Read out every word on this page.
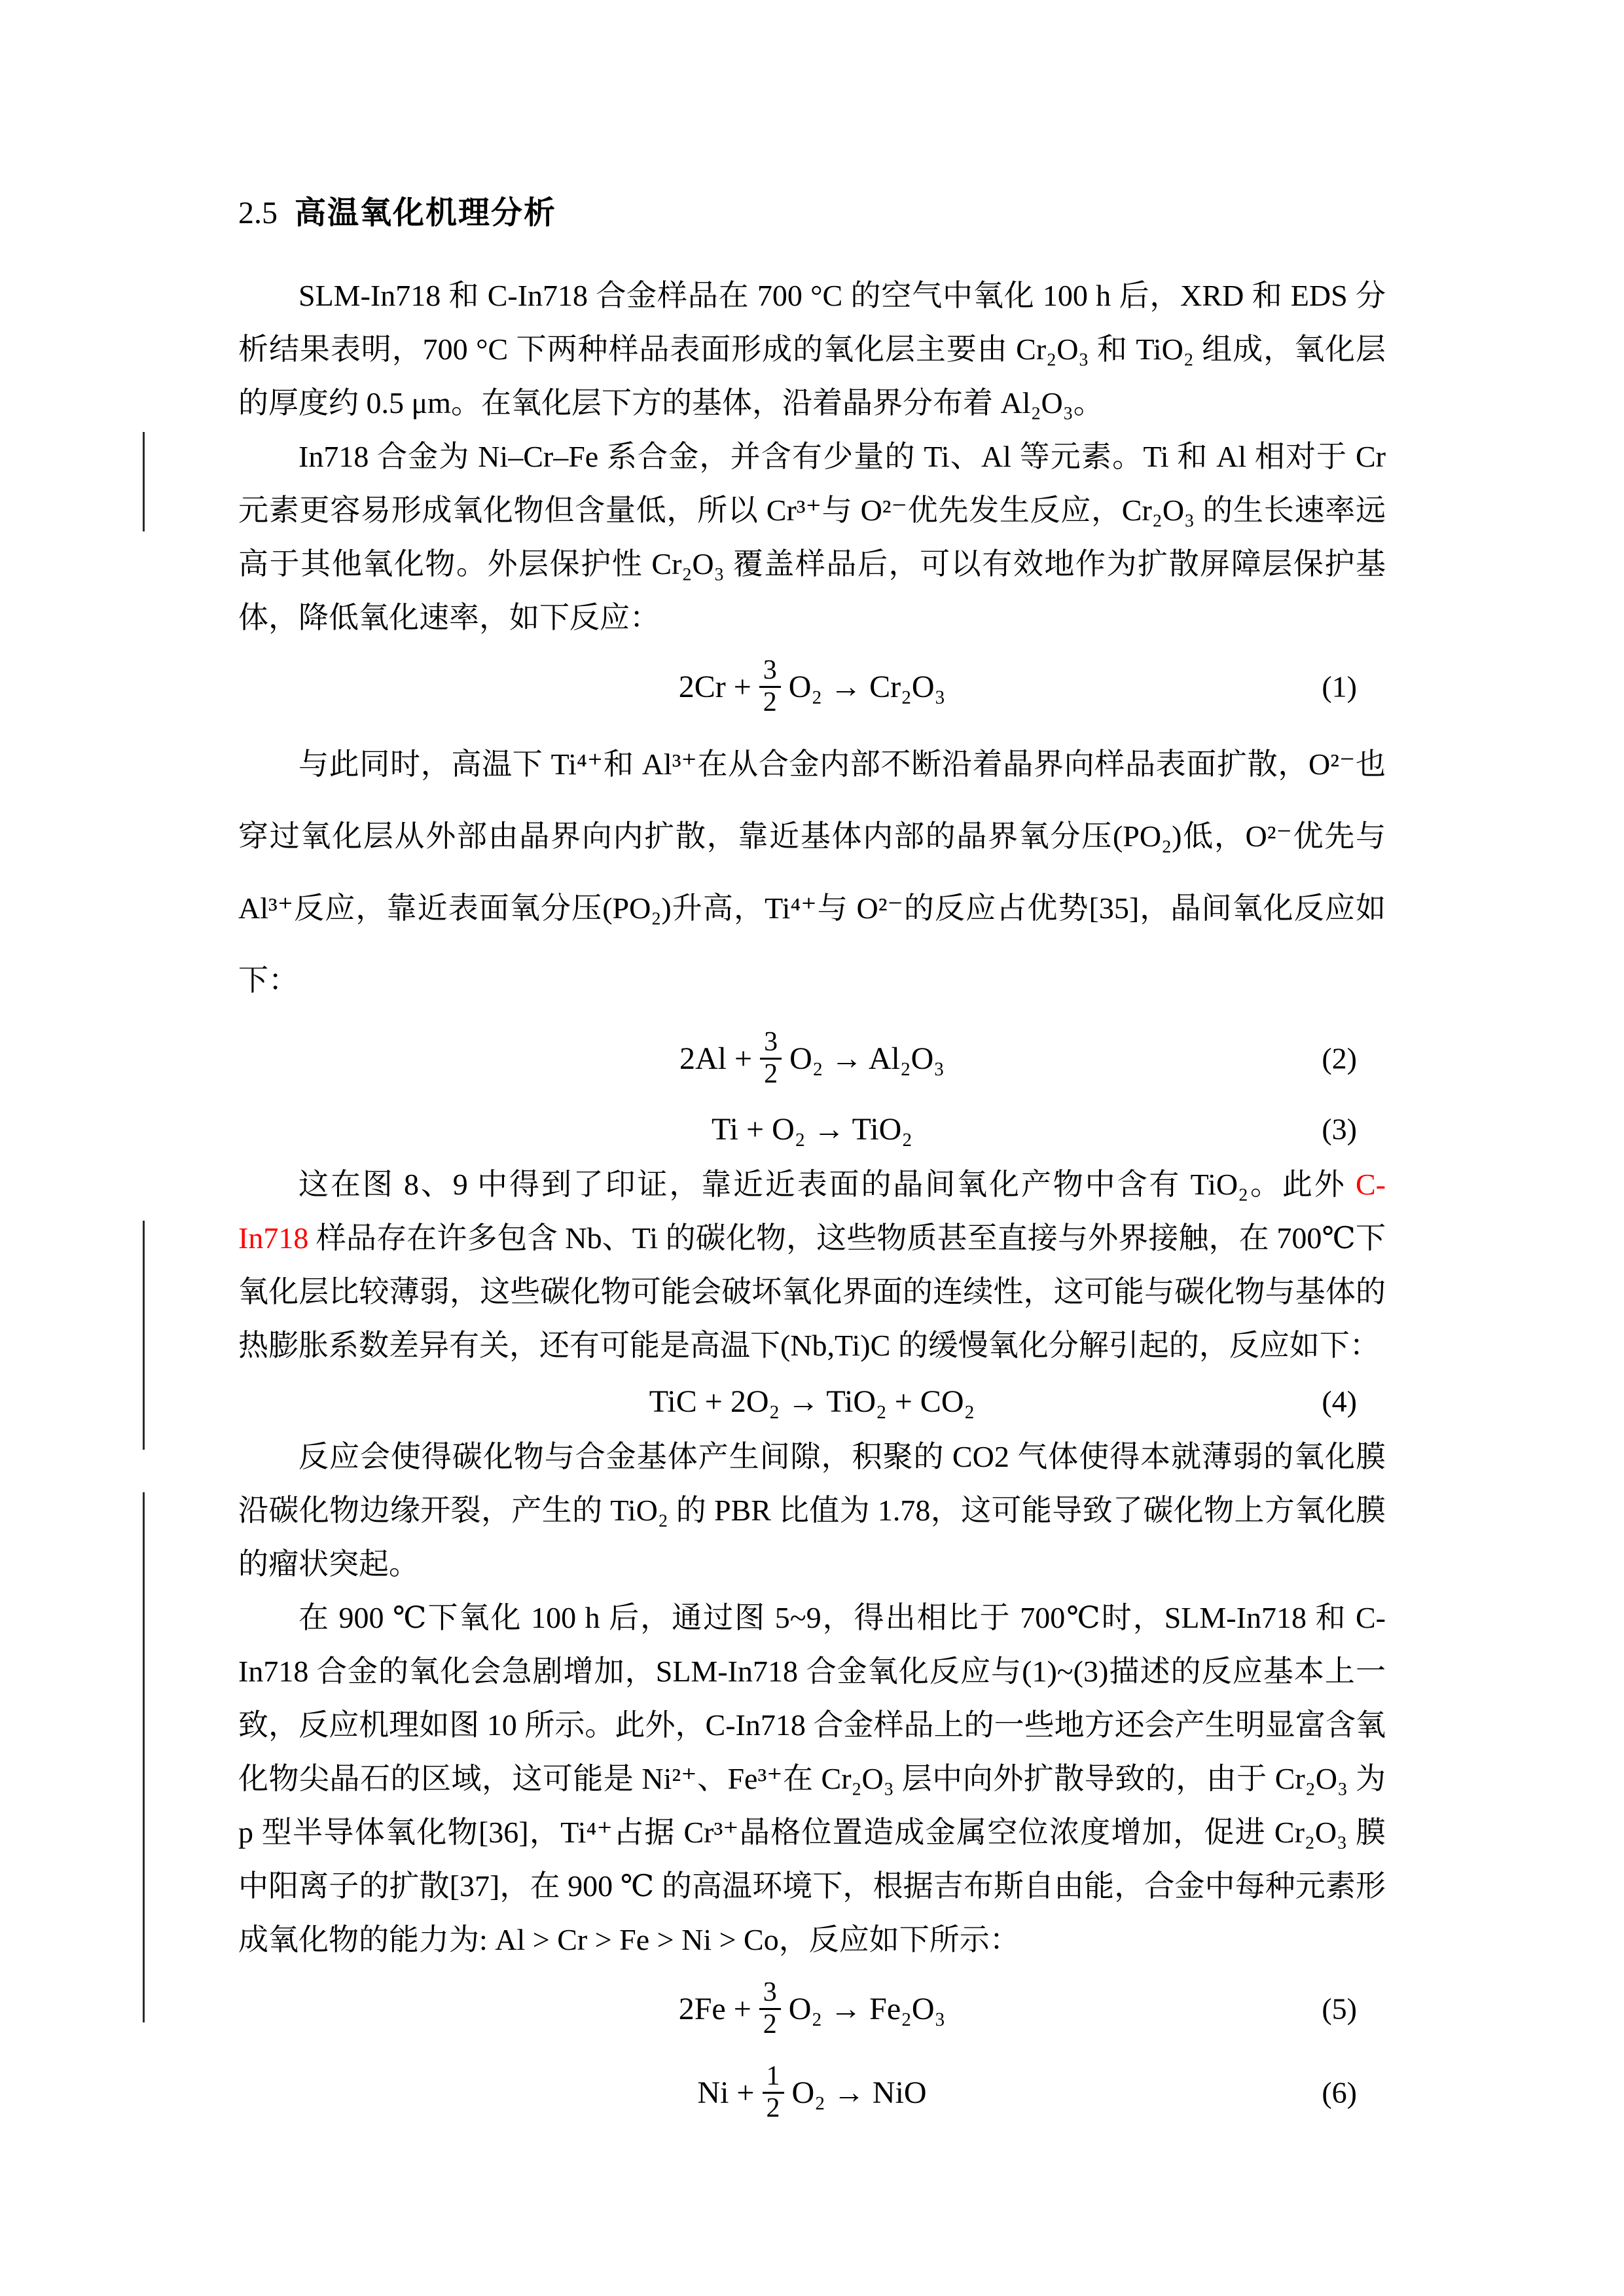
2.5 高温氧化机理分析

SLM-In718 和 C-In718 合金样品在 700 °C 的空气中氧化 100 h 后，XRD 和 EDS 分析结果表明，700 °C 下两种样品表面形成的氧化层主要由 Cr₂O₃ 和 TiO₂ 组成，氧化层的厚度约 0.5 μm。在氧化层下方的基体，沿着晶界分布着 Al₂O₃。

In718 合金为 Ni–Cr–Fe 系合金，并含有少量的 Ti、Al 等元素。Ti 和 Al 相对于 Cr 元素更容易形成氧化物但含量低，所以 Cr³⁺与 O²⁻优先发生反应，Cr₂O₃ 的生长速率远高于其他氧化物。外层保护性 Cr₂O₃ 覆盖样品后，可以有效地作为扩散屏障层保护基体，降低氧化速率，如下反应：

$2Cr + \frac{3}{2} O_2 \to Cr_2O_3$	(1)

与此同时，高温下 Ti⁴⁺和 Al³⁺在从合金内部不断沿着晶界向样品表面扩散，O²⁻也穿过氧化层从外部由晶界向内扩散，靠近基体内部的晶界氧分压(PO₂)低，O²⁻优先与 Al³⁺反应，靠近表面氧分压(PO₂)升高，Ti⁴⁺与 O²⁻的反应占优势[35]，晶间氧化反应如下：

$2Al + \frac{3}{2} O_2 \to Al_2O_3$	(2)
Ti + O₂ → TiO₂	(3)

这在图 8、9 中得到了印证，靠近近表面的晶间氧化产物中含有 TiO₂。此外 C-In718 样品存在许多包含 Nb、Ti 的碳化物，这些物质甚至直接与外界接触，在 700℃下氧化层比较薄弱，这些碳化物可能会破坏氧化界面的连续性，这可能与碳化物与基体的热膨胀系数差异有关，还有可能是高温下(Nb,Ti)C 的缓慢氧化分解引起的，反应如下：

TiC + 2O₂ → TiO₂ + CO₂	(4)

反应会使得碳化物与合金基体产生间隙，积聚的 CO2 气体使得本就薄弱的氧化膜沿碳化物边缘开裂，产生的 TiO₂ 的 PBR 比值为 1.78，这可能导致了碳化物上方氧化膜的瘤状突起。

在 900 ℃下氧化 100 h 后，通过图 5~9，得出相比于 700℃时，SLM-In718 和 C-In718 合金的氧化会急剧增加，SLM-In718 合金氧化反应与(1)~(3)描述的反应基本上一致，反应机理如图 10 所示。此外，C-In718 合金样品上的一些地方还会产生明显富含氧化物尖晶石的区域，这可能是 Ni²⁺、Fe³⁺在 Cr₂O₃ 层中向外扩散导致的，由于 Cr₂O₃ 为 p 型半导体氧化物[36]，Ti⁴⁺占据 Cr³⁺晶格位置造成金属空位浓度增加，促进 Cr₂O₃ 膜中阳离子的扩散[37]，在 900 ℃ 的高温环境下，根据吉布斯自由能，合金中每种元素形成氧化物的能力为: Al > Cr > Fe > Ni > Co，反应如下所示：

$2Fe + \frac{3}{2} O_2 \to Fe_2O_3$	(5)
$Ni + \frac{1}{2} O_2$ → NiO	(6)
